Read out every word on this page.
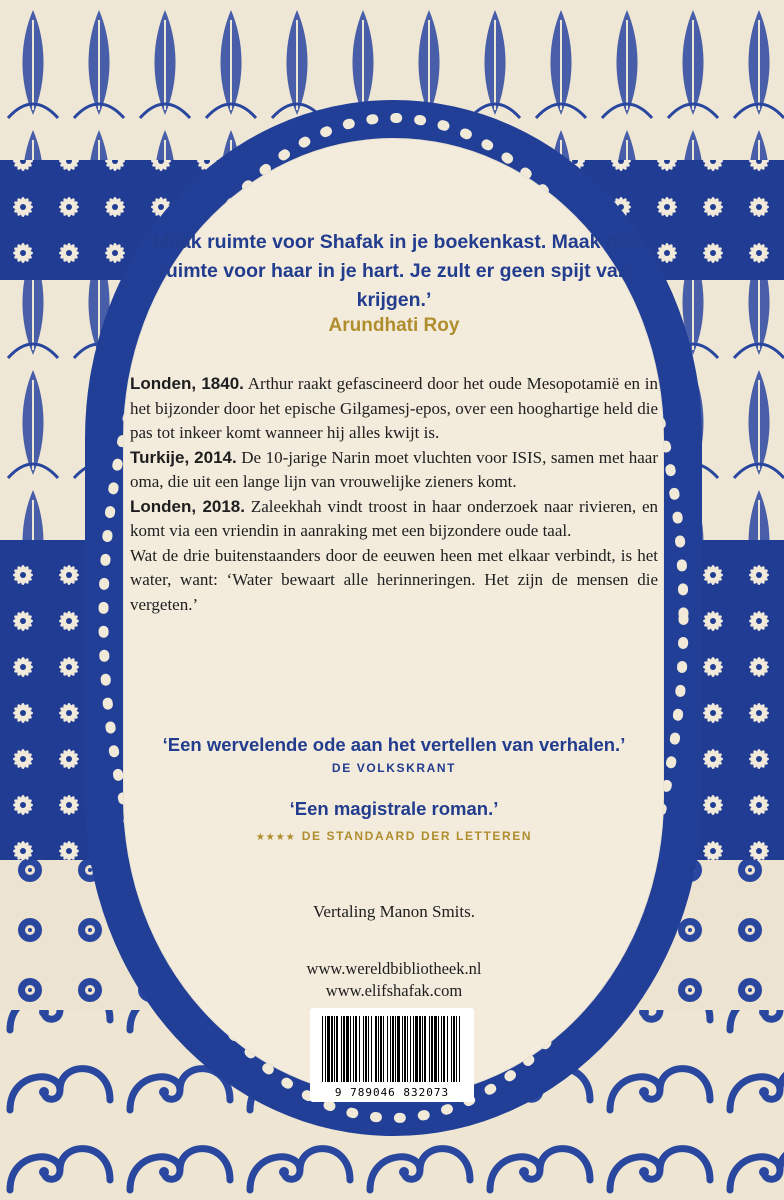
‘Maak ruimte voor Shafak in je boekenkast. Maak ook ruimte voor haar in je hart. Je zult er geen spijt van krijgen.’

Arundhati Roy
Londen, 1840. Arthur raakt gefascineerd door het oude Mesopotamië en in het bijzonder door het epische Gilgamesj-epos, over een hooghartige held die pas tot inkeer komt wanneer hij alles kwijt is.
Turkije, 2014. De 10-jarige Narin moet vluchten voor ISIS, samen met haar oma, die uit een lange lijn van vrouwelijke zieners komt.
Londen, 2018. Zaleekhah vindt troost in haar onderzoek naar rivieren, en komt via een vriendin in aanraking met een bijzondere oude taal.
Wat de drie buitenstaanders door de eeuwen heen met elkaar verbindt, is het water, want: ‘Water bewaart alle herinneringen. Het zijn de mensen die vergeten.’
‘Een wervelende ode aan het vertellen van verhalen.’
DE VOLKSKRANT
‘Een magistrale roman.’
★★★★ DE STANDAARD DER LETTEREN
Vertaling Manon Smits.
www.wereldbibliotheek.nl
www.elifshafak.com
9 789046 832073
